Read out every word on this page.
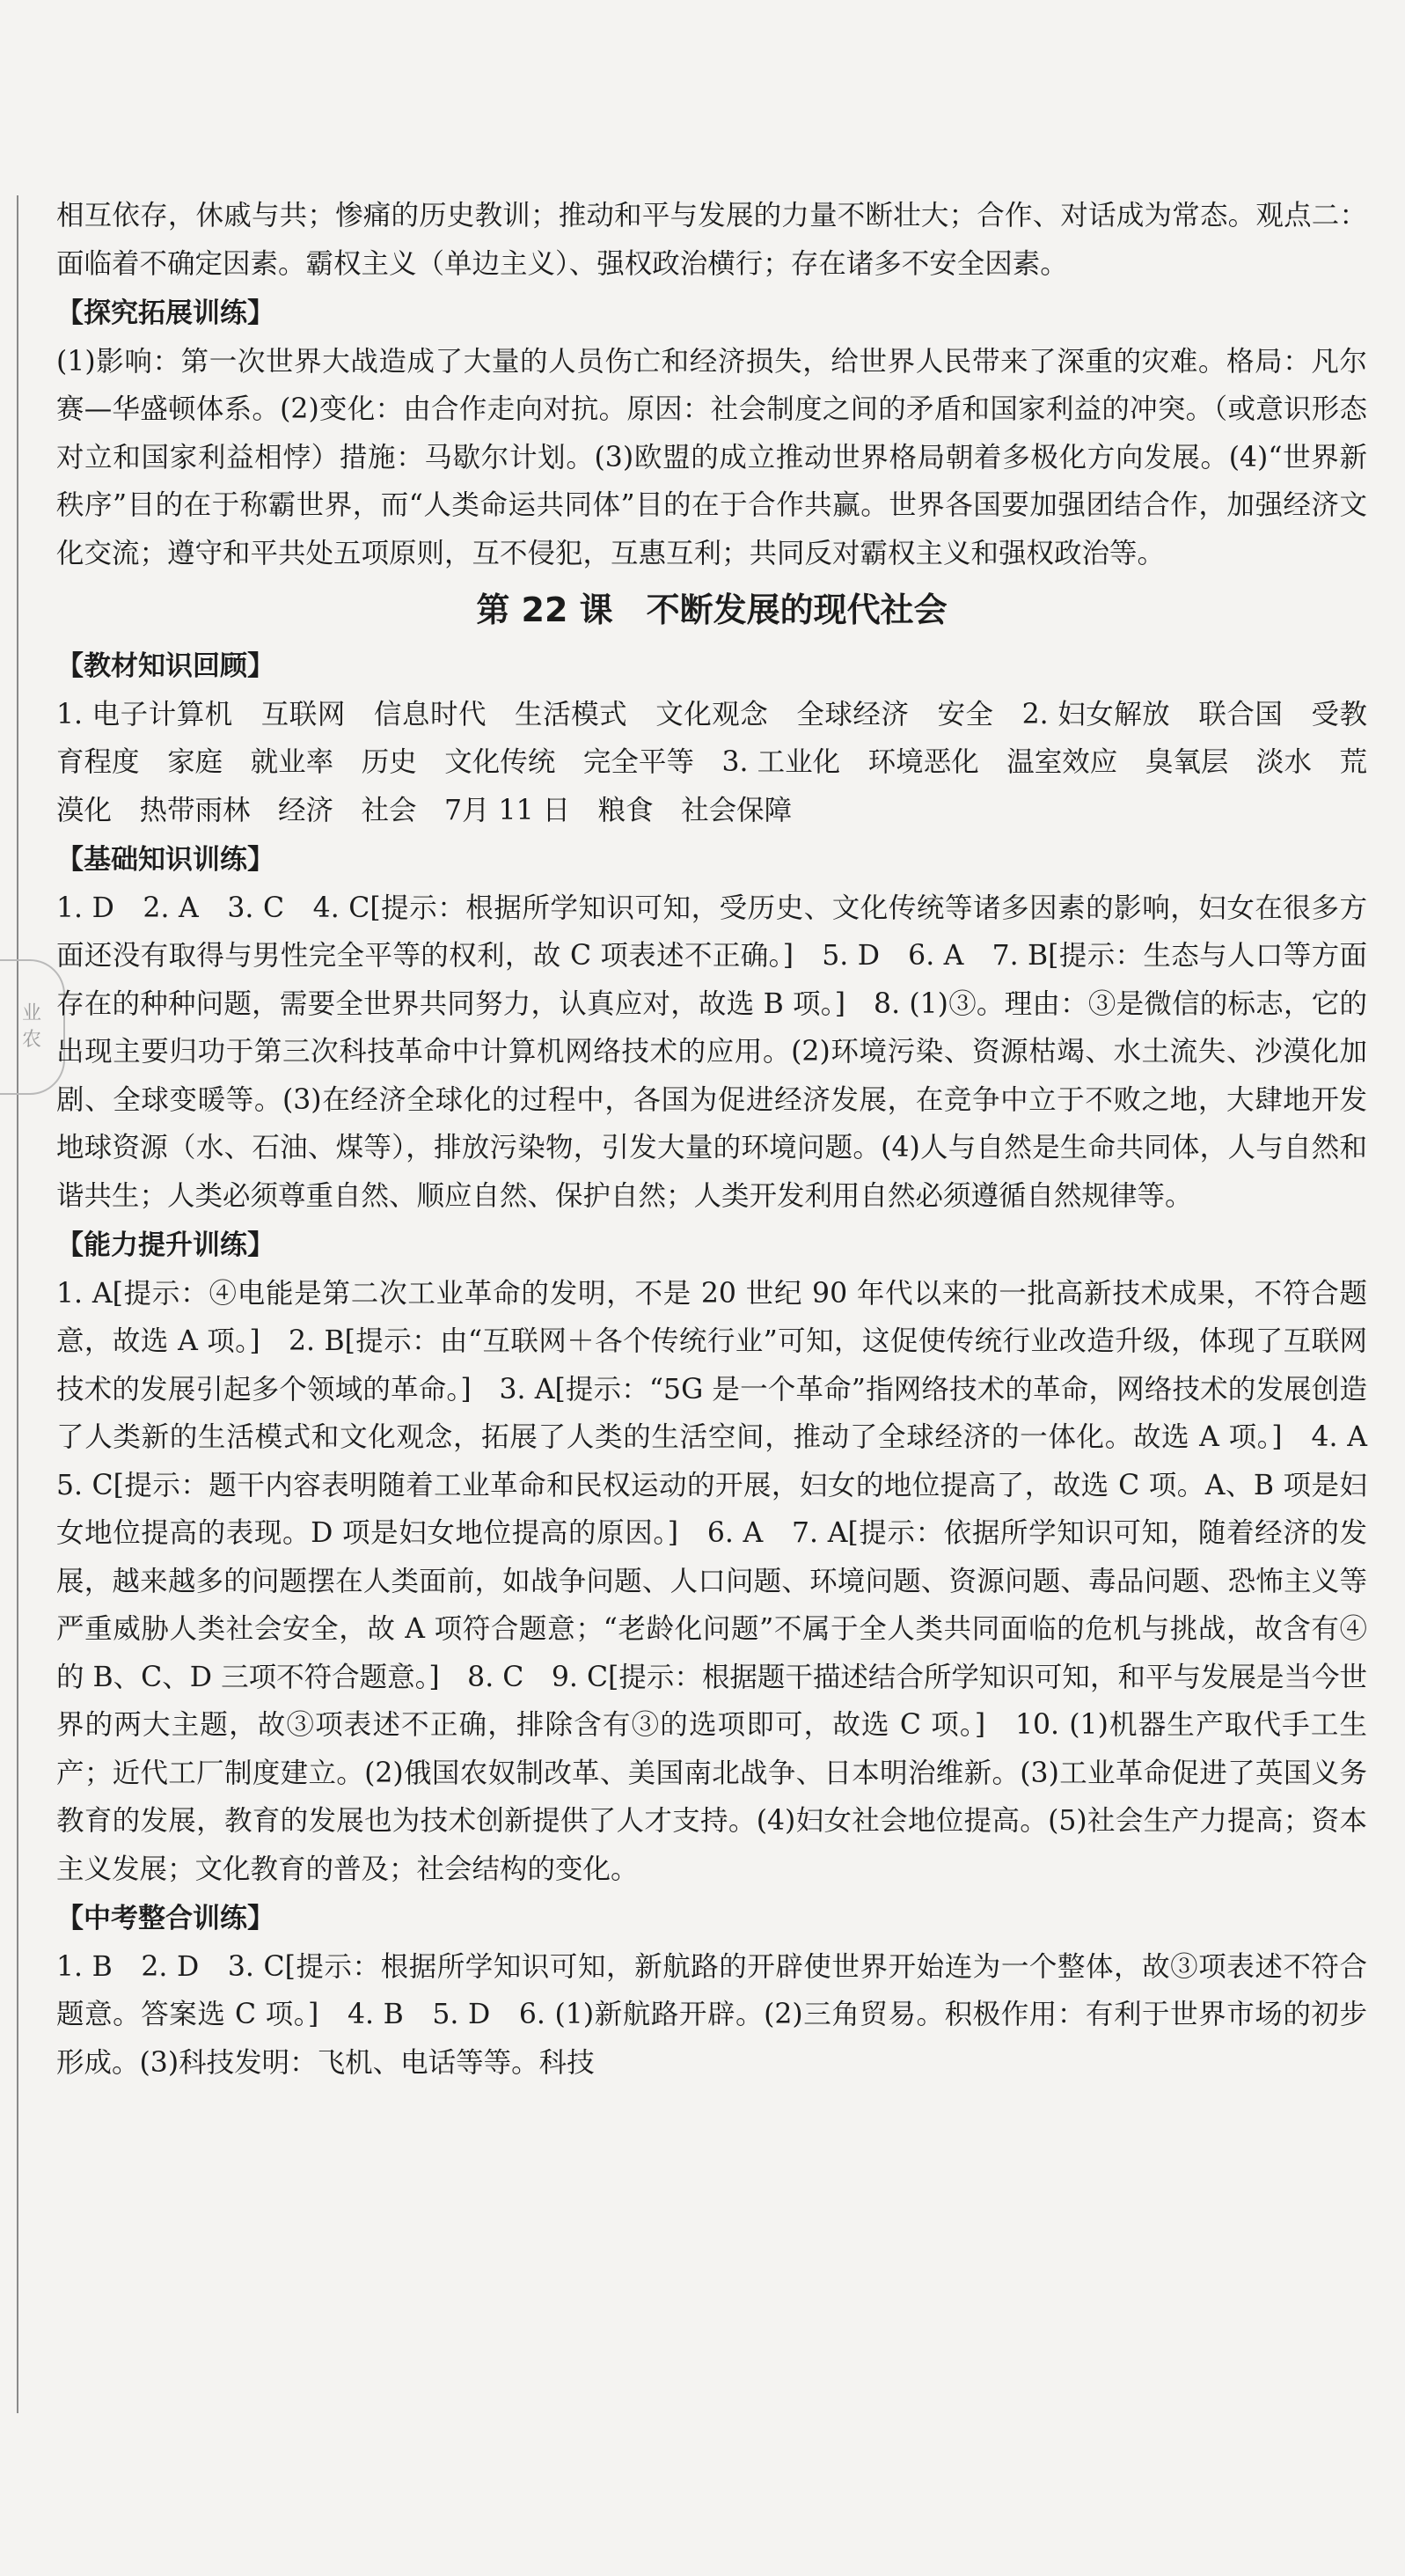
业
农

相互依存，休戚与共；惨痛的历史教训；推动和平与发展的力量不断壮大；合作、对话成为常态。观点二：面临着不确定因素。霸权主义（单边主义）、强权政治横行；存在诸多不安全因素。

【探究拓展训练】

(1)影响：第一次世界大战造成了大量的人员伤亡和经济损失，给世界人民带来了深重的灾难。格局：凡尔赛—华盛顿体系。(2)变化：由合作走向对抗。原因：社会制度之间的矛盾和国家利益的冲突。（或意识形态对立和国家利益相悖）措施：马歇尔计划。(3)欧盟的成立推动世界格局朝着多极化方向发展。(4)“世界新秩序”目的在于称霸世界，而“人类命运共同体”目的在于合作共赢。世界各国要加强团结合作，加强经济文化交流；遵守和平共处五项原则，互不侵犯，互惠互利；共同反对霸权主义和强权政治等。

第 22 课　不断发展的现代社会
【教材知识回顾】

1. 电子计算机　互联网　信息时代　生活模式　文化观念　全球经济　安全　2. 妇女解放　联合国　受教育程度　家庭　就业率　历史　文化传统　完全平等　3. 工业化　环境恶化　温室效应　臭氧层　淡水　荒漠化　热带雨林　经济　社会　7月 11 日　粮食　社会保障

【基础知识训练】

1. D　2. A　3. C　4. C[提示：根据所学知识可知，受历史、文化传统等诸多因素的影响，妇女在很多方面还没有取得与男性完全平等的权利，故 C 项表述不正确。]　5. D　6. A　7. B[提示：生态与人口等方面存在的种种问题，需要全世界共同努力，认真应对，故选 B 项。]　8. (1)③。理由：③是微信的标志，它的出现主要归功于第三次科技革命中计算机网络技术的应用。(2)环境污染、资源枯竭、水土流失、沙漠化加剧、全球变暖等。(3)在经济全球化的过程中，各国为促进经济发展，在竞争中立于不败之地，大肆地开发地球资源（水、石油、煤等），排放污染物，引发大量的环境问题。(4)人与自然是生命共同体，人与自然和谐共生；人类必须尊重自然、顺应自然、保护自然；人类开发利用自然必须遵循自然规律等。

【能力提升训练】

1. A[提示：④电能是第二次工业革命的发明，不是 20 世纪 90 年代以来的一批高新技术成果，不符合题意，故选 A 项。]　2. B[提示：由“互联网＋各个传统行业”可知，这促使传统行业改造升级，体现了互联网技术的发展引起多个领域的革命。]　3. A[提示：“5G 是一个革命”指网络技术的革命，网络技术的发展创造了人类新的生活模式和文化观念，拓展了人类的生活空间，推动了全球经济的一体化。故选 A 项。]　4. A　5. C[提示：题干内容表明随着工业革命和民权运动的开展，妇女的地位提高了，故选 C 项。A、B 项是妇女地位提高的表现。D 项是妇女地位提高的原因。]　6. A　7. A[提示：依据所学知识可知，随着经济的发展，越来越多的问题摆在人类面前，如战争问题、人口问题、环境问题、资源问题、毒品问题、恐怖主义等严重威胁人类社会安全，故 A 项符合题意；“老龄化问题”不属于全人类共同面临的危机与挑战，故含有④的 B、C、D 三项不符合题意。]　8. C　9. C[提示：根据题干描述结合所学知识可知，和平与发展是当今世界的两大主题，故③项表述不正确，排除含有③的选项即可，故选 C 项。]　10. (1)机器生产取代手工生产；近代工厂制度建立。(2)俄国农奴制改革、美国南北战争、日本明治维新。(3)工业革命促进了英国义务教育的发展，教育的发展也为技术创新提供了人才支持。(4)妇女社会地位提高。(5)社会生产力提高；资本主义发展；文化教育的普及；社会结构的变化。

【中考整合训练】

1. B　2. D　3. C[提示：根据所学知识可知，新航路的开辟使世界开始连为一个整体，故③项表述不符合题意。答案选 C 项。]　4. B　5. D　6. (1)新航路开辟。(2)三角贸易。积极作用：有利于世界市场的初步形成。(3)科技发明：飞机、电话等等。科技
